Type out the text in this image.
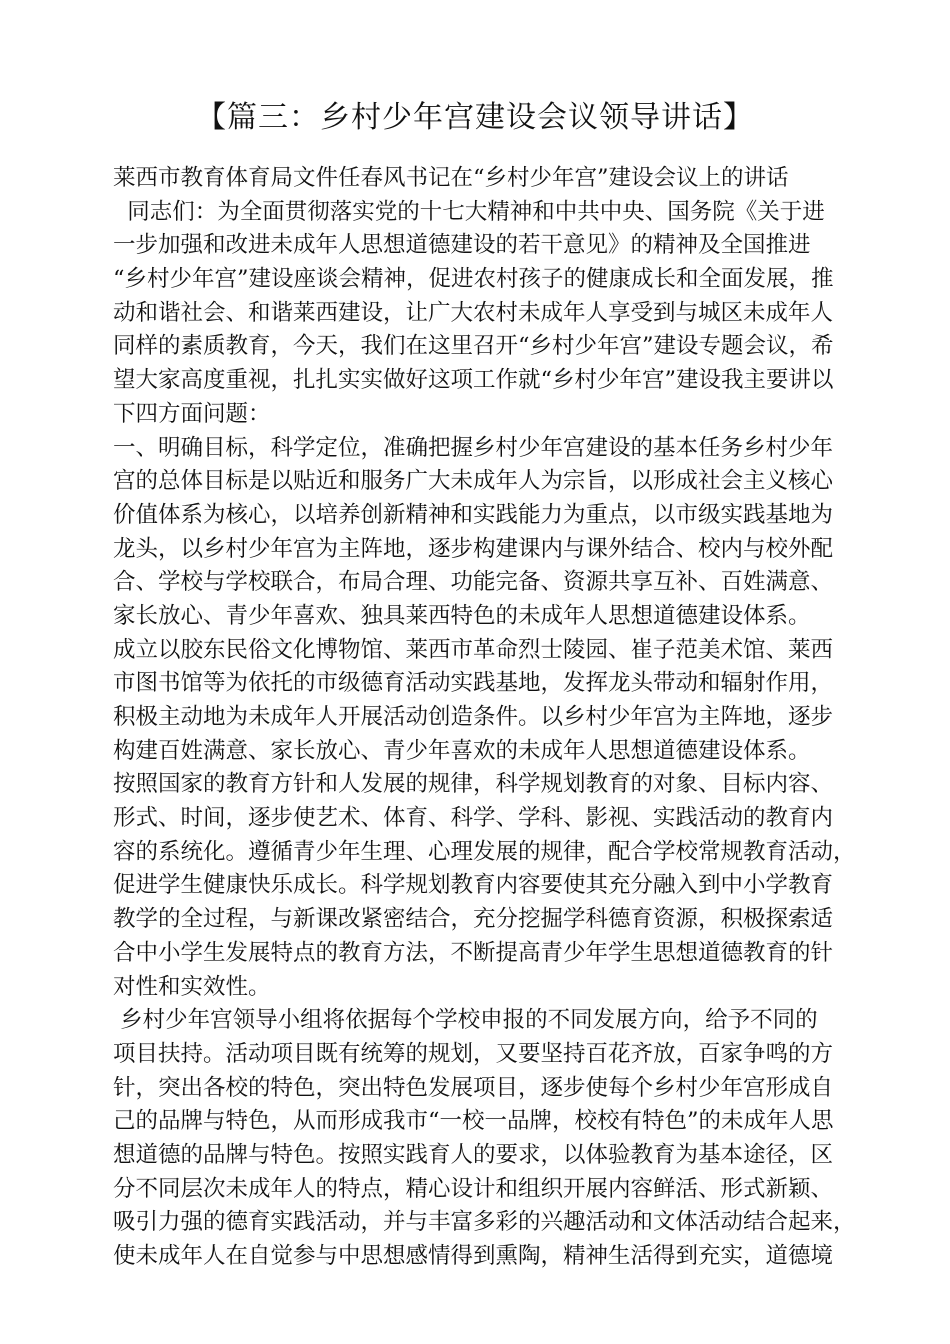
【篇三：乡村少年宫建设会议领导讲话】
莱西市教育体育局文件任春风书记在“乡村少年宫”建设会议上的讲话
同志们：为全面贯彻落实党的十七大精神和中共中央、国务院《关于进
一步加强和改进未成年人思想道德建设的若干意见》的精神及全国推进
“乡村少年宫”建设座谈会精神，促进农村孩子的健康成长和全面发展，推
动和谐社会、和谐莱西建设，让广大农村未成年人享受到与城区未成年人
同样的素质教育，今天，我们在这里召开“乡村少年宫”建设专题会议，希
望大家高度重视，扎扎实实做好这项工作就“乡村少年宫”建设我主要讲以
下四方面问题：
一、明确目标，科学定位，准确把握乡村少年宫建设的基本任务乡村少年
宫的总体目标是以贴近和服务广大未成年人为宗旨，以形成社会主义核心
价值体系为核心，以培养创新精神和实践能力为重点，以市级实践基地为
龙头，以乡村少年宫为主阵地，逐步构建课内与课外结合、校内与校外配
合、学校与学校联合，布局合理、功能完备、资源共享互补、百姓满意、
家长放心、青少年喜欢、独具莱西特色的未成年人思想道德建设体系。
成立以胶东民俗文化博物馆、莱西市革命烈士陵园、崔子范美术馆、莱西
市图书馆等为依托的市级德育活动实践基地，发挥龙头带动和辐射作用，
积极主动地为未成年人开展活动创造条件。以乡村少年宫为主阵地，逐步
构建百姓满意、家长放心、青少年喜欢的未成年人思想道德建设体系。
按照国家的教育方针和人发展的规律，科学规划教育的对象、目标内容、
形式、时间，逐步使艺术、体育、科学、学科、影视、实践活动的教育内
容的系统化。遵循青少年生理、心理发展的规律，配合学校常规教育活动，
促进学生健康快乐成长。科学规划教育内容要使其充分融入到中小学教育
教学的全过程，与新课改紧密结合，充分挖掘学科德育资源，积极探索适
合中小学生发展特点的教育方法，不断提高青少年学生思想道德教育的针
对性和实效性。
乡村少年宫领导小组将依据每个学校申报的不同发展方向，给予不同的
项目扶持。活动项目既有统筹的规划，又要坚持百花齐放，百家争鸣的方
针，突出各校的特色，突出特色发展项目，逐步使每个乡村少年宫形成自
己的品牌与特色，从而形成我市“一校一品牌，校校有特色”的未成年人思
想道德的品牌与特色。按照实践育人的要求，以体验教育为基本途径，区
分不同层次未成年人的特点，精心设计和组织开展内容鲜活、形式新颖、
吸引力强的德育实践活动，并与丰富多彩的兴趣活动和文体活动结合起来，
使未成年人在自觉参与中思想感情得到熏陶，精神生活得到充实，道德境
